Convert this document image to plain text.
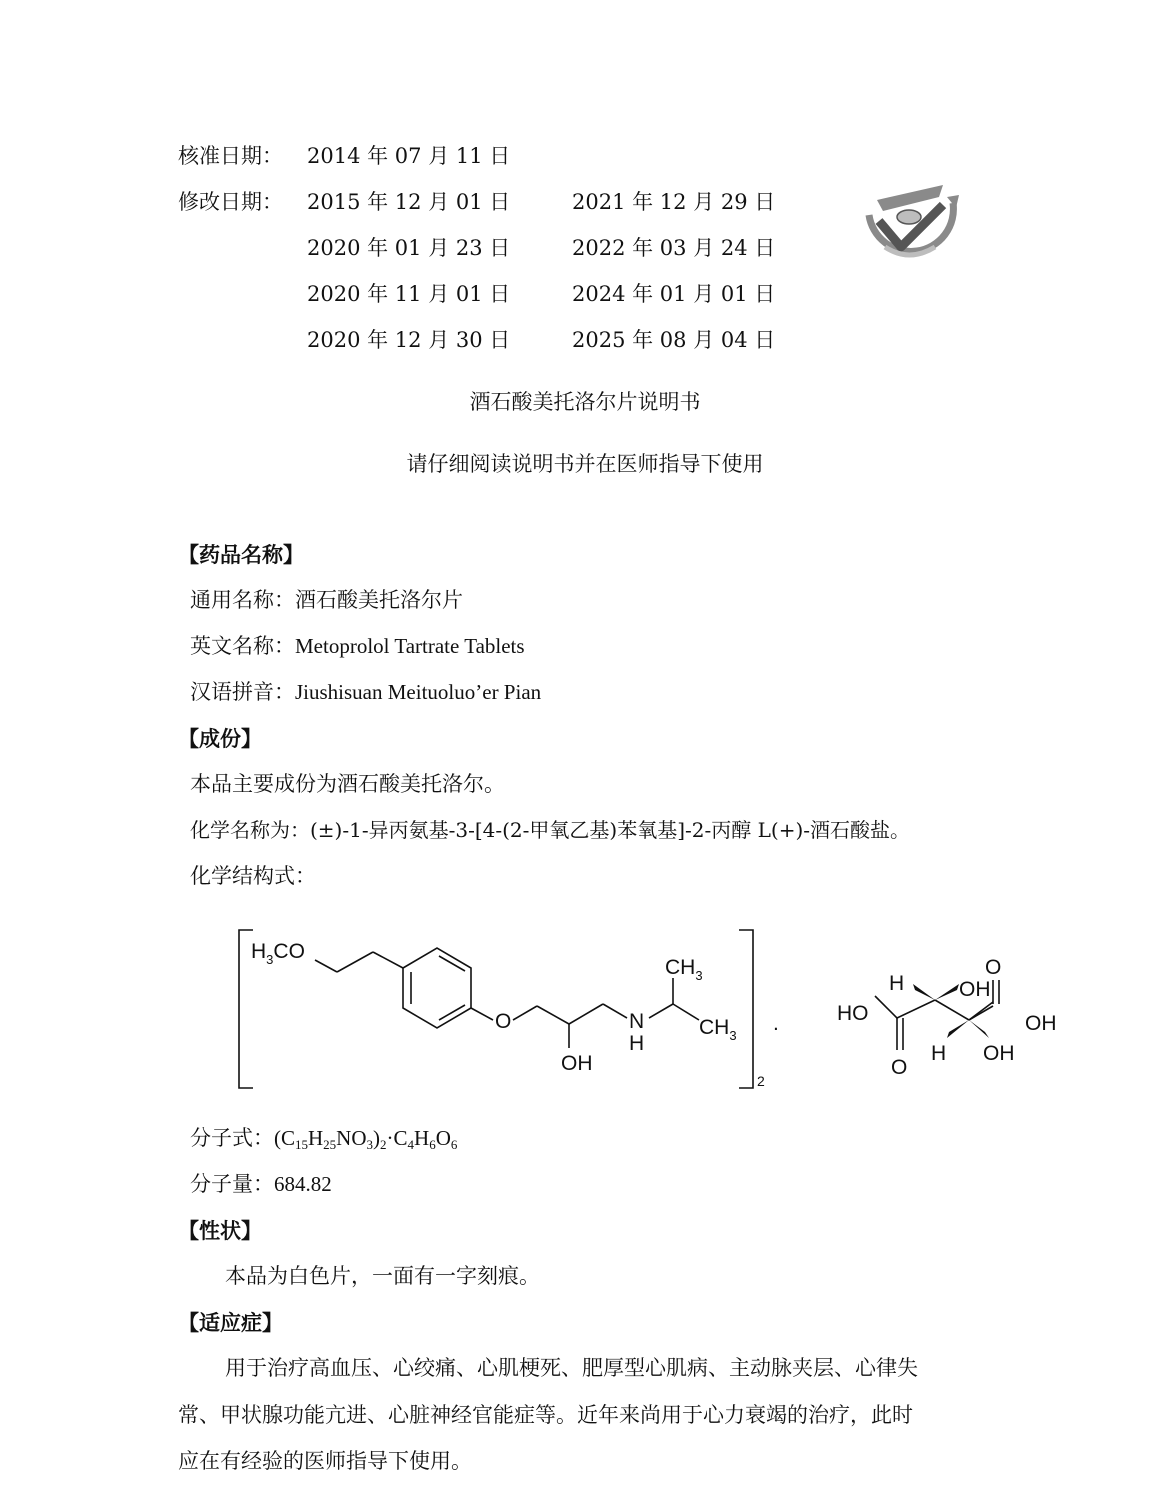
核准日期： 2014 年 07 月 11 日
修改日期： 2015 年 12 月 01 日
2020 年 01 月 23 日
2020 年 11 月 01 日
2020 年 12 月 30 日
2021 年 12 月 29 日
2022 年 03 月 24 日
2024 年 01 月 01 日
2025 年 08 月 04 日
仿制药一致性评价
酒石酸美托洛尔片说明书
请仔细阅读说明书并在医师指导下使用
【药品名称】
通用名称：酒石酸美托洛尔片
英文名称：Metoprolol Tartrate Tablets
汉语拼音：Jiushisuan Meituoluo’er Pian
【成份】
本品主要成份为酒石酸美托洛尔。
化学名称为：(±)-1-异丙氨基-3-[4-(2-甲氧乙基)苯氧基]-2-丙醇 L(+)-酒石酸盐。
化学结构式：
$H_3CO$
O
OH
N
H
$CH_3$
$CH_3$
2
.
H	OH
O
HO	OH
H OH
O
分子式：$(C_{15}H_{25}NO_3)_2\cdot C_4H_6O_6$
分子量：684.82
【性状】
本品为白色片，一面有一字刻痕。
【适应症】
用于治疗高血压、心绞痛、心肌梗死、肥厚型心肌病、主动脉夹层、心律失
常、甲状腺功能亢进、心脏神经官能症等。近年来尚用于心力衰竭的治疗，此时
应在有经验的医师指导下使用。
